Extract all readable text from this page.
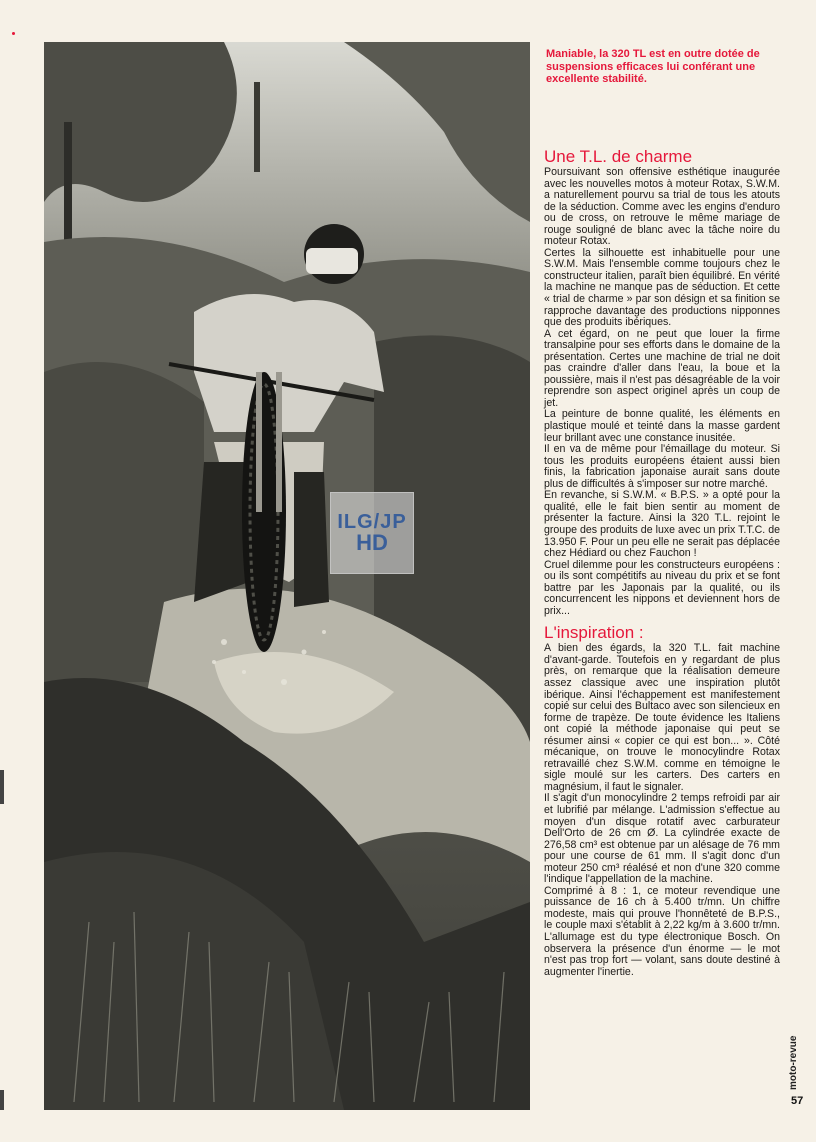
ILG/JP
HD
Maniable, la 320 TL est en outre dotée de suspensions efficaces lui conférant une excellente stabilité.
Une T.L. de charme

Poursuivant son offensive esthétique inaugurée avec les nouvelles motos à moteur Rotax, S.W.M. a naturellement pourvu sa trial de tous les atouts de la séduction. Comme avec les engins d'enduro ou de cross, on retrouve le même mariage de rouge souligné de blanc avec la tâche noire du moteur Rotax.

Certes la silhouette est inhabituelle pour une S.W.M. Mais l'ensemble comme toujours chez le constructeur italien, paraît bien équilibré. En vérité la machine ne manque pas de séduction. Et cette « trial de charme » par son désign et sa finition se rapproche davantage des productions nipponnes que des produits ibériques.

A cet égard, on ne peut que louer la firme transalpine pour ses efforts dans le domaine de la présentation. Certes une machine de trial ne doit pas craindre d'aller dans l'eau, la boue et la poussière, mais il n'est pas désagréable de la voir reprendre son aspect originel après un coup de jet.

La peinture de bonne qualité, les éléments en plastique moulé et teinté dans la masse gardent leur brillant avec une constance inusitée.

Il en va de même pour l'émaillage du moteur. Si tous les produits européens étaient aussi bien finis, la fabrication japonaise aurait sans doute plus de difficultés à s'imposer sur notre marché.

En revanche, si S.W.M. « B.P.S. » a opté pour la qualité, elle le fait bien sentir au moment de présenter la facture. Ainsi la 320 T.L. rejoint le groupe des produits de luxe avec un prix T.T.C. de 13.950 F. Pour un peu elle ne serait pas déplacée chez Hédiard ou chez Fauchon !

Cruel dilemme pour les constructeurs européens : ou ils sont compétitifs au niveau du prix et se font battre par les Japonais par la qualité, ou ils concurrencent les nippons et deviennent hors de prix...

L'inspiration :

A bien des égards, la 320 T.L. fait machine d'avant-garde. Toutefois en y regardant de plus près, on remarque que la réalisation demeure assez classique avec une inspiration plutôt ibérique. Ainsi l'échappement est manifestement copié sur celui des Bultaco avec son silencieux en forme de trapèze. De toute évidence les Italiens ont copié la méthode japonaise qui peut se résumer ainsi « copier ce qui est bon... ». Côté mécanique, on trouve le monocylindre Rotax retravaillé chez S.W.M. comme en témoigne le sigle moulé sur les carters. Des carters en magnésium, il faut le signaler.

Il s'agit d'un monocylindre 2 temps refroidi par air et lubrifié par mélange. L'admission s'effectue au moyen d'un disque rotatif avec carburateur Dell'Orto de 26 cm Ø. La cylindrée exacte de 276,58 cm³ est obtenue par un alésage de 76 mm pour une course de 61 mm. Il s'agit donc d'un moteur 250 cm³ réalésé et non d'une 320 comme l'indique l'appellation de la machine.

Comprimé à 8 : 1, ce moteur revendique une puissance de 16 ch à 5.400 tr/mn. Un chiffre modeste, mais qui prouve l'honnêteté de B.P.S., le couple maxi s'établit à 2,22 kg/m à 3.600 tr/mn. L'allumage est du type électronique Bosch. On observera la présence d'un énorme — le mot n'est pas trop fort — volant, sans doute destiné à augmenter l'inertie.

moto-revue
57
